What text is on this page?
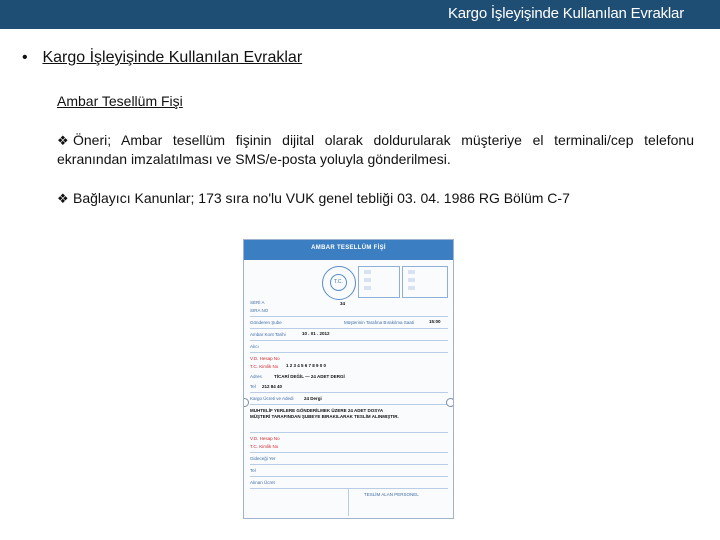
Kargo İşleyişinde Kullanılan Evraklar
• Kargo İşleyişinde Kullanılan Evraklar
Ambar Tesellüm Fişi
❖ Öneri; Ambar tesellüm fişinin dijital olarak doldurularak müşteriye el terminali/cep telefonu ekranından imzalatılması ve SMS/e-posta yoluyla gönderilmesi.
❖ Bağlayıcı Kanunlar; 173 sıra no'lu VUK genel tebliği 03. 04. 1986 RG Bölüm C-7
AMBAR TESELLÜM FİŞİ
T.C.
34
SERİ A
SIRA NO
Gönderen Şube	Müşterinin Tarafına Bırakılma Saati	15:00
Ambar Kont Tarihi	10 . 01 . 2012
Alıcı
V.D. Hesap No
T.C. Kimlik No 1 2 3 4 5 6 7 8 9 0 0
Adres	TİCARİ DEĞİL — 24 ADET DERGİ
Tel 212 84 40
Kargo Ücreti ve Adedi 24 Dergi
MUHTELİF YERLERE GÖNDERİLMEK ÜZERE 24 ADET DOSYA MÜŞTERİ TARAFINDAN ŞUBEYE BIRAKILARAK TESLİM ALINMIŞTIR.
V.D. Hesap No
T.C. Kimlik No
Gideceği Yer
Tel
Alınan Ücret
TESLİM ALAN PERSONEL
